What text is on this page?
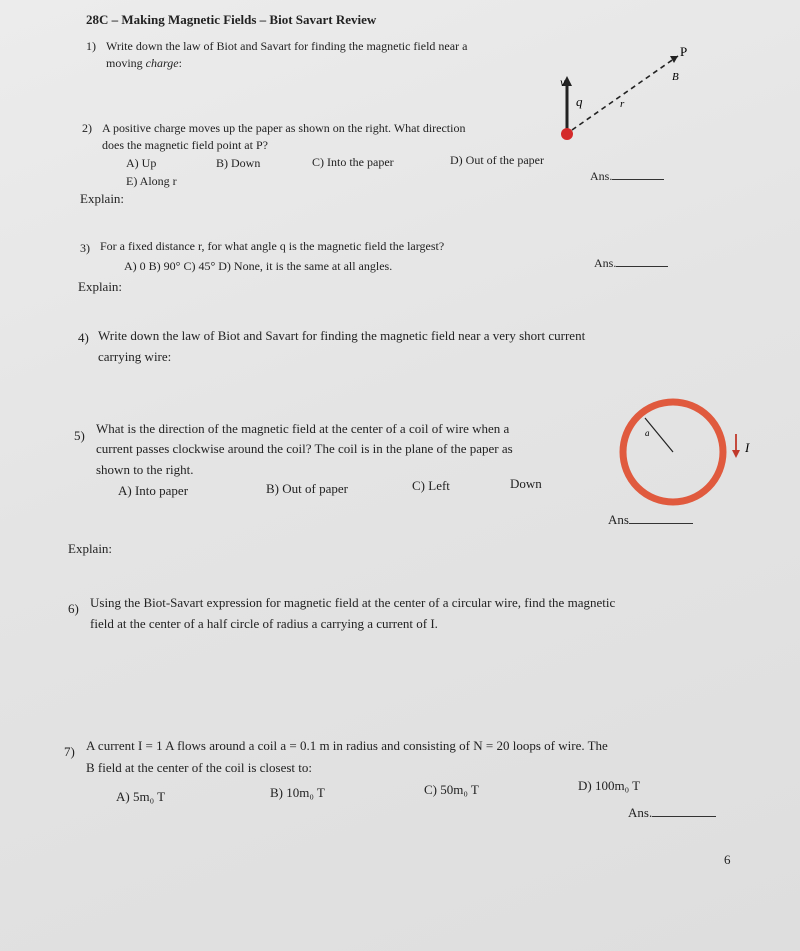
28C – Making Magnetic Fields – Biot Savart Review
1) Write down the law of Biot and Savart for finding the magnetic field near a
moving charge:
v
q	r
B
P
2) A positive charge moves up the paper as shown on the right. What direction
does the magnetic field point at P?
A) Up	B) Down	C) Into the paper	D) Out of the paper
E) Along r	Ans.
Explain:
3) For a fixed distance r, for what angle q is the magnetic field the largest?
A) 0 B) 90° C) 45° D) None, it is the same at all angles.	Ans.
Explain:
4) Write down the law of Biot and Savart for finding the magnetic field near a very short current
carrying wire:
5) What is the direction of the magnetic field at the center of a coil of wire when a
current passes clockwise around the coil? The coil is in the plane of the paper as
shown to the right.
A) Into paper	B) Out of paper	C) Left	Down
a
I
Ans
Explain:
6) Using the Biot-Savart expression for magnetic field at the center of a circular wire, find the magnetic
field at the center of a half circle of radius a carrying a current of I.
7) A current I = 1 A flows around a coil a = 0.1 m in radius and consisting of N = 20 loops of wire. The
B field at the center of the coil is closest to:
A) 5m₀ T	B) 10m₀ T	C) 50m₀ T	D) 100m₀ T
Ans.
6
